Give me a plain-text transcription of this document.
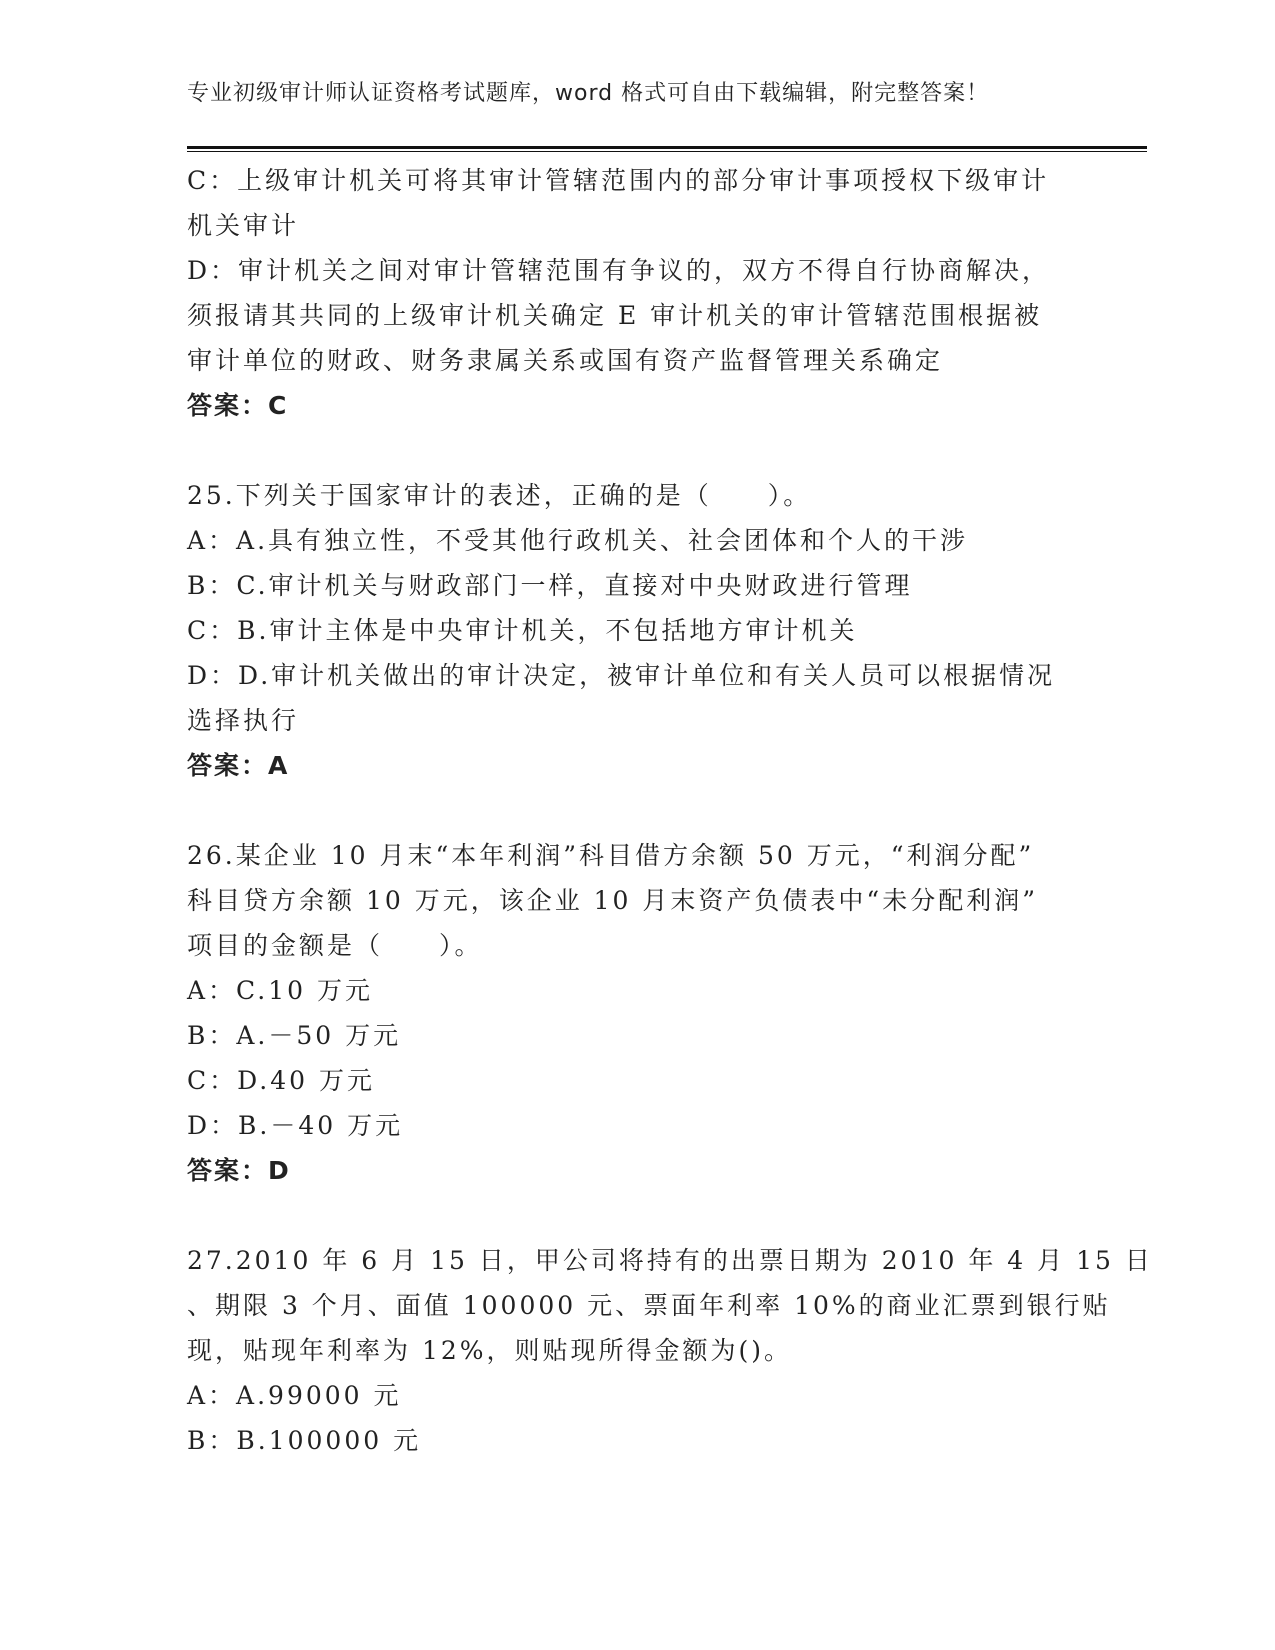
专业初级审计师认证资格考试题库，word 格式可自由下载编辑，附完整答案！
C：上级审计机关可将其审计管辖范围内的部分审计事项授权下级审计
机关审计
D：审计机关之间对审计管辖范围有争议的，双方不得自行协商解决，
须报请其共同的上级审计机关确定 E 审计机关的审计管辖范围根据被
审计单位的财政、财务隶属关系或国有资产监督管理关系确定
答案：C
25.下列关于国家审计的表述，正确的是（　　）。
A：A.具有独立性，不受其他行政机关、社会团体和个人的干涉
B：C.审计机关与财政部门一样，直接对中央财政进行管理
C：B.审计主体是中央审计机关，不包括地方审计机关
D：D.审计机关做出的审计决定，被审计单位和有关人员可以根据情况
选择执行
答案：A
26.某企业 10 月末“本年利润”科目借方余额 50 万元，“利润分配”
科目贷方余额 10 万元，该企业 10 月末资产负债表中“未分配利润”
项目的金额是（　　）。
A：C.10 万元
B：A.－50 万元
C：D.40 万元
D：B.－40 万元
答案：D
27.2010 年 6 月 15 日，甲公司将持有的出票日期为 2010 年 4 月 15 日
、期限 3 个月、面值 100000 元、票面年利率 10%的商业汇票到银行贴
现，贴现年利率为 12%，则贴现所得金额为()。
A：A.99000 元
B：B.100000 元
